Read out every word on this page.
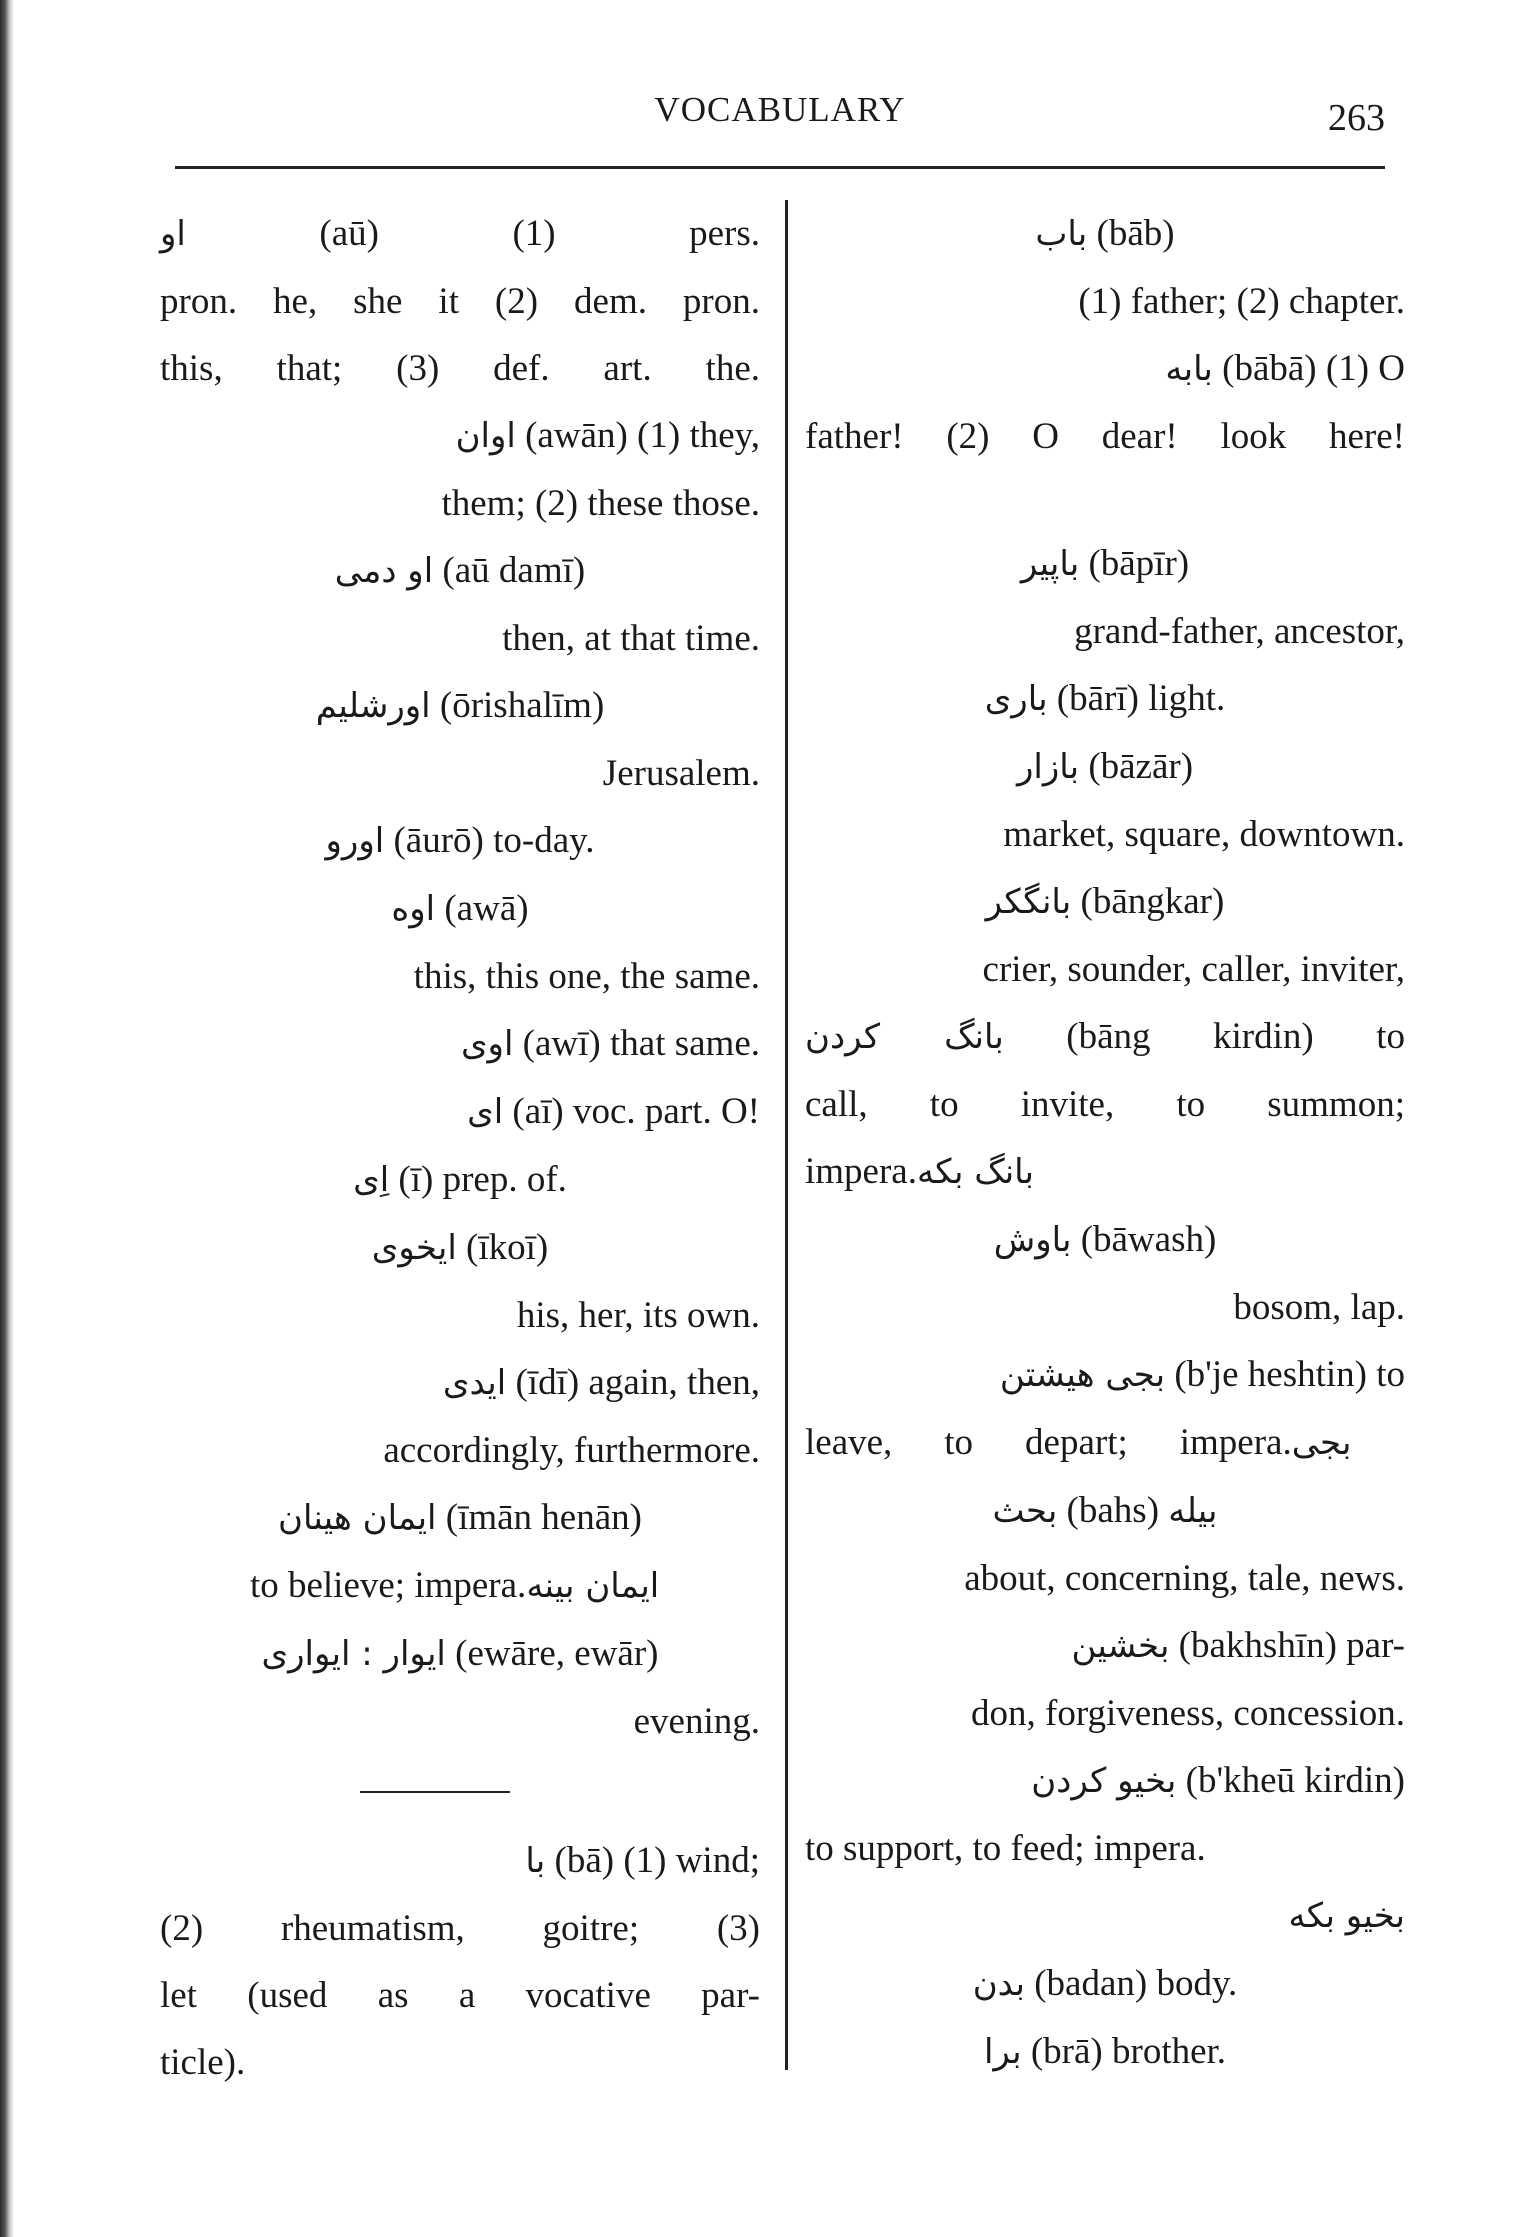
VOCABULARY	263
او (aū) (1) pers.
pron. he, she it (2) dem. pron.
this, that; (3) def. art. the.
اوان (awān) (1) they,
them; (2) these those.
او دمی (aū damī)
then, at that time.
اورشلیم (ōrishalīm)
Jerusalem.
اورو (āurō) to-day.
اوه (awā)
this, this one, the same.
اوی (awī) that same.
ای (aī) voc. part. O!
اِی (ī) prep. of.
ایخوی (īkoī)
his, her, its own.
ایدی (īdī) again, then,
accordingly, furthermore.
ایمان هینان (īmān henān)
to believe; impera. ایمان بینه
ایوار : ایواری (ewāre, ewār)
evening.
با (bā) (1) wind;
(2) rheumatism, goitre; (3)
let (used as a vocative par-
ticle).
باب (bāb)
(1) father; (2) chapter.
بابه (bābā) (1) O
father! (2) O dear! look here!
باپیر (bāpīr)
grand-father, ancestor,
باری (bārī) light.
بازار (bāzār)
market, square, downtown.
بانگکر (bāngkar)
crier, sounder, caller, inviter,
بانگ کردن (bāng kirdin) to
call, to invite, to summon;
impera. بانگ بکه
باوش (bāwash)
bosom, lap.
بجی هیشتن (b'je heshtin) to
leave, to depart; impera. بجی
بحث (bahs) بیله
about, concerning, tale, news.
بخشین (bakhshīn) par-
don, forgiveness, concession.
بخیو کردن (b'kheū kirdin)
to support, to feed; impera.
بخیو بکه
بدن (badan) body.
برا (brā) brother.
